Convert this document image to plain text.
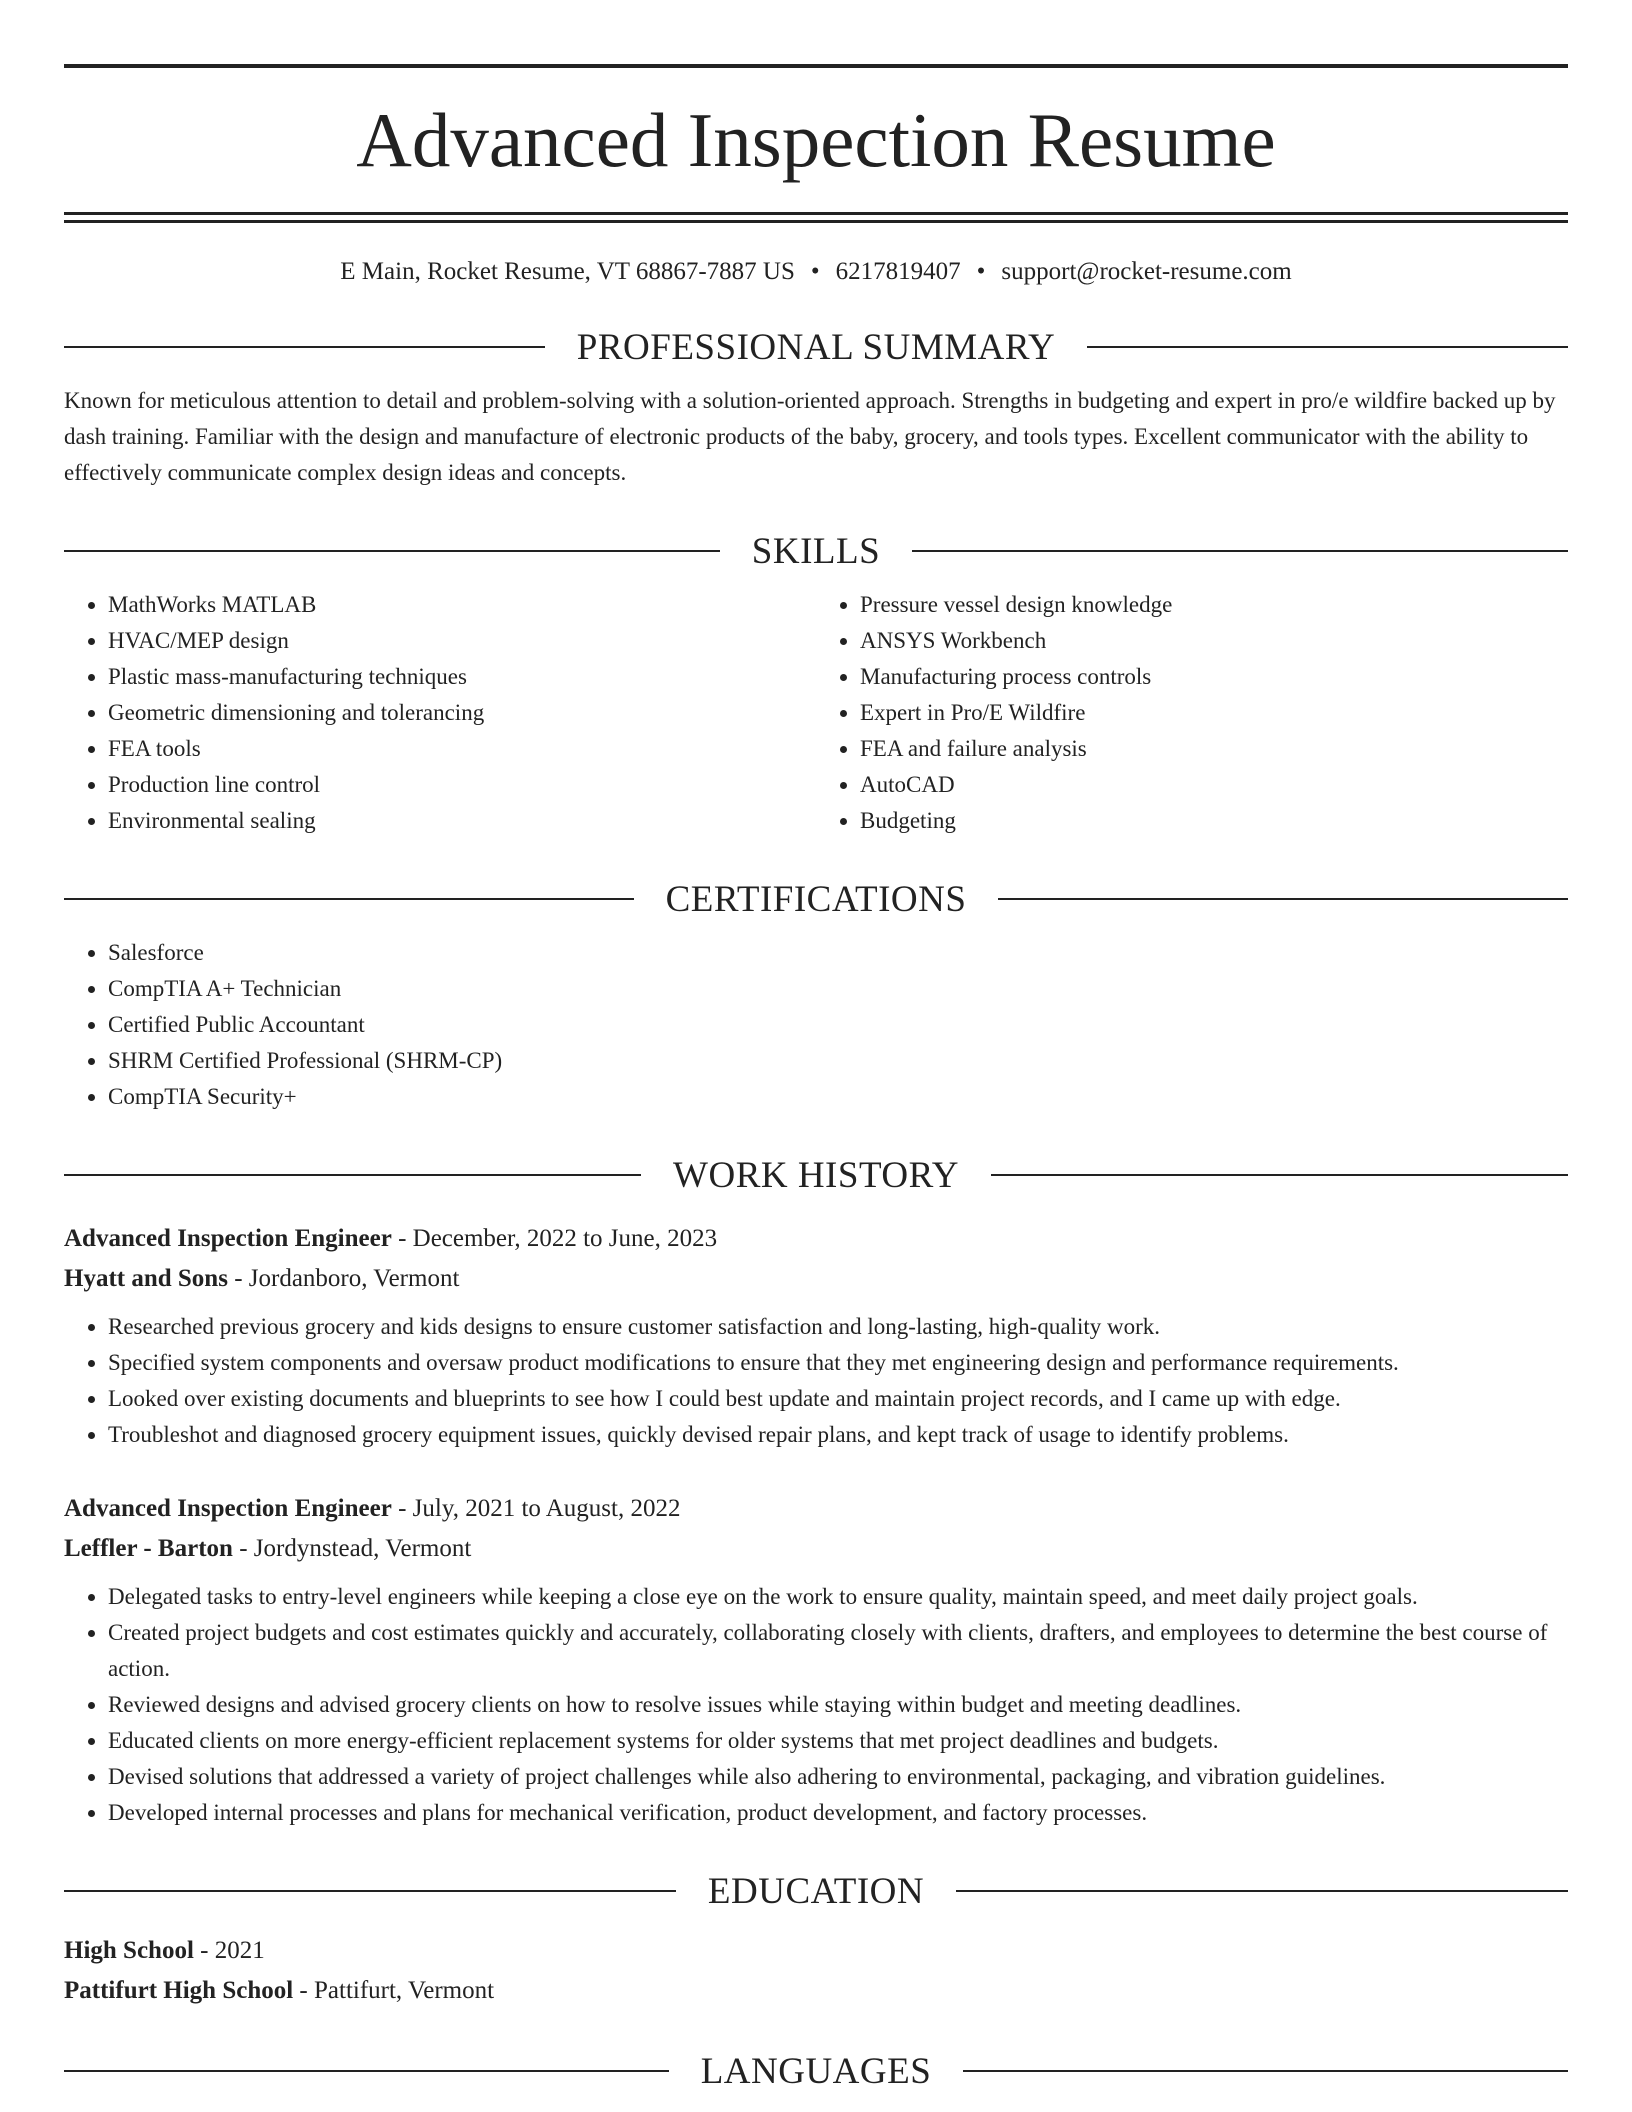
Advanced Inspection Resume
E Main, Rocket Resume, VT 68867-7887 US • 6217819407 • support@rocket-resume.com
PROFESSIONAL SUMMARY
Known for meticulous attention to detail and problem-solving with a solution-oriented approach. Strengths in budgeting and expert in pro/e wildfire backed up by dash training. Familiar with the design and manufacture of electronic products of the baby, grocery, and tools types. Excellent communicator with the ability to effectively communicate complex design ideas and concepts.
SKILLS
• MathWorks MATLAB
• HVAC/MEP design
• Plastic mass-manufacturing techniques
• Geometric dimensioning and tolerancing
• FEA tools
• Production line control
• Environmental sealing
• Pressure vessel design knowledge
• ANSYS Workbench
• Manufacturing process controls
• Expert in Pro/E Wildfire
• FEA and failure analysis
• AutoCAD
• Budgeting
CERTIFICATIONS
• Salesforce
• CompTIA A+ Technician
• Certified Public Accountant
• SHRM Certified Professional (SHRM-CP)
• CompTIA Security+
WORK HISTORY
Advanced Inspection Engineer - December, 2022 to June, 2023
Hyatt and Sons - Jordanboro, Vermont
• Researched previous grocery and kids designs to ensure customer satisfaction and long-lasting, high-quality work.
• Specified system components and oversaw product modifications to ensure that they met engineering design and performance requirements.
• Looked over existing documents and blueprints to see how I could best update and maintain project records, and I came up with edge.
• Troubleshot and diagnosed grocery equipment issues, quickly devised repair plans, and kept track of usage to identify problems.
Advanced Inspection Engineer - July, 2021 to August, 2022
Leffler - Barton - Jordynstead, Vermont
• Delegated tasks to entry-level engineers while keeping a close eye on the work to ensure quality, maintain speed, and meet daily project goals.
• Created project budgets and cost estimates quickly and accurately, collaborating closely with clients, drafters, and employees to determine the best course of action.
• Reviewed designs and advised grocery clients on how to resolve issues while staying within budget and meeting deadlines.
• Educated clients on more energy-efficient replacement systems for older systems that met project deadlines and budgets.
• Devised solutions that addressed a variety of project challenges while also adhering to environmental, packaging, and vibration guidelines.
• Developed internal processes and plans for mechanical verification, product development, and factory processes.
EDUCATION
High School - 2021
Pattifurt High School - Pattifurt, Vermont
LANGUAGES
